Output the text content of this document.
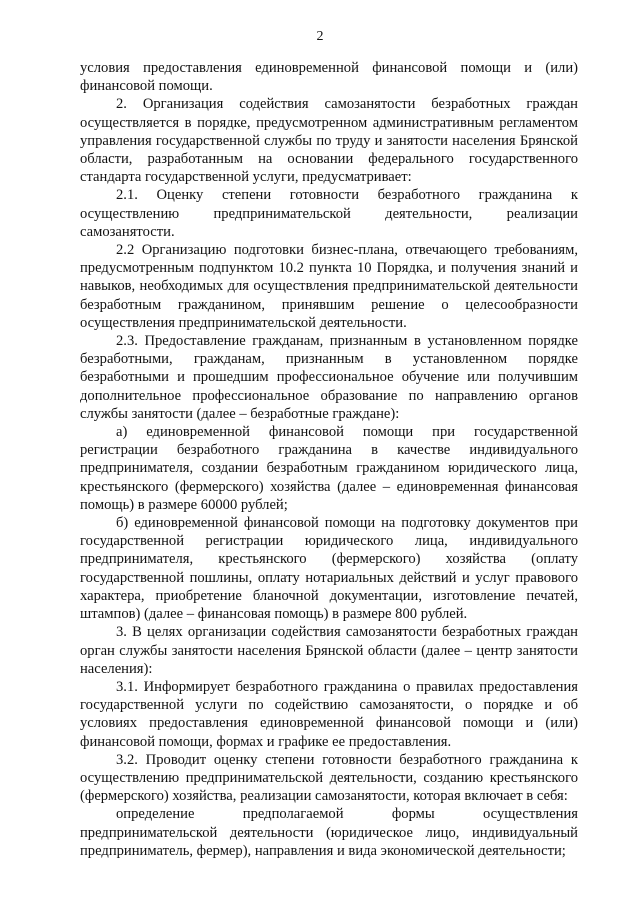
2

условия предоставления единовременной финансовой помощи и (или) финансовой помощи.

2. Организация содействия самозанятости безработных граждан осуществляется в порядке, предусмотренном административным регламентом управления государственной службы по труду и занятости населения Брянской области, разработанным на основании федерального государственного стандарта государственной услуги, предусматривает:

2.1. Оценку степени готовности безработного гражданина к осуществлению предпринимательской деятельности, реализации самозанятости.

2.2 Организацию подготовки бизнес-плана, отвечающего требованиям, предусмотренным подпунктом 10.2 пункта 10 Порядка, и получения знаний и навыков, необходимых для осуществления предпринимательской деятельности безработным гражданином, принявшим решение о целесообразности осуществления предпринимательской деятельности.

2.3. Предоставление гражданам, признанным в установленном порядке безработными, гражданам, признанным в установленном порядке безработными и прошедшим профессиональное обучение или получившим дополнительное профессиональное образование по направлению органов службы занятости (далее – безработные граждане):

а) единовременной финансовой помощи при государственной регистрации безработного гражданина в качестве индивидуального предпринимателя, создании безработным гражданином юридического лица, крестьянского (фермерского) хозяйства (далее – единовременная финансовая помощь) в размере 60000 рублей;

б) единовременной финансовой помощи на подготовку документов при государственной регистрации юридического лица, индивидуального предпринимателя, крестьянского (фермерского) хозяйства (оплату государственной пошлины, оплату нотариальных действий и услуг правового характера, приобретение бланочной документации, изготовление печатей, штампов) (далее – финансовая помощь) в размере 800 рублей.

3. В целях организации содействия самозанятости безработных граждан орган службы занятости населения Брянской области (далее – центр занятости населения):

3.1. Информирует безработного гражданина о правилах предоставления государственной услуги по содействию самозанятости, о порядке и об условиях предоставления единовременной финансовой помощи и (или) финансовой помощи, формах и графике ее предоставления.

3.2. Проводит оценку степени готовности безработного гражданина к осуществлению предпринимательской деятельности, созданию крестьянского (фермерского) хозяйства, реализации самозанятости, которая включает в себя:

определение предполагаемой формы осуществления предпринимательской деятельности (юридическое лицо, индивидуальный предприниматель, фермер), направления и вида экономической деятельности;
